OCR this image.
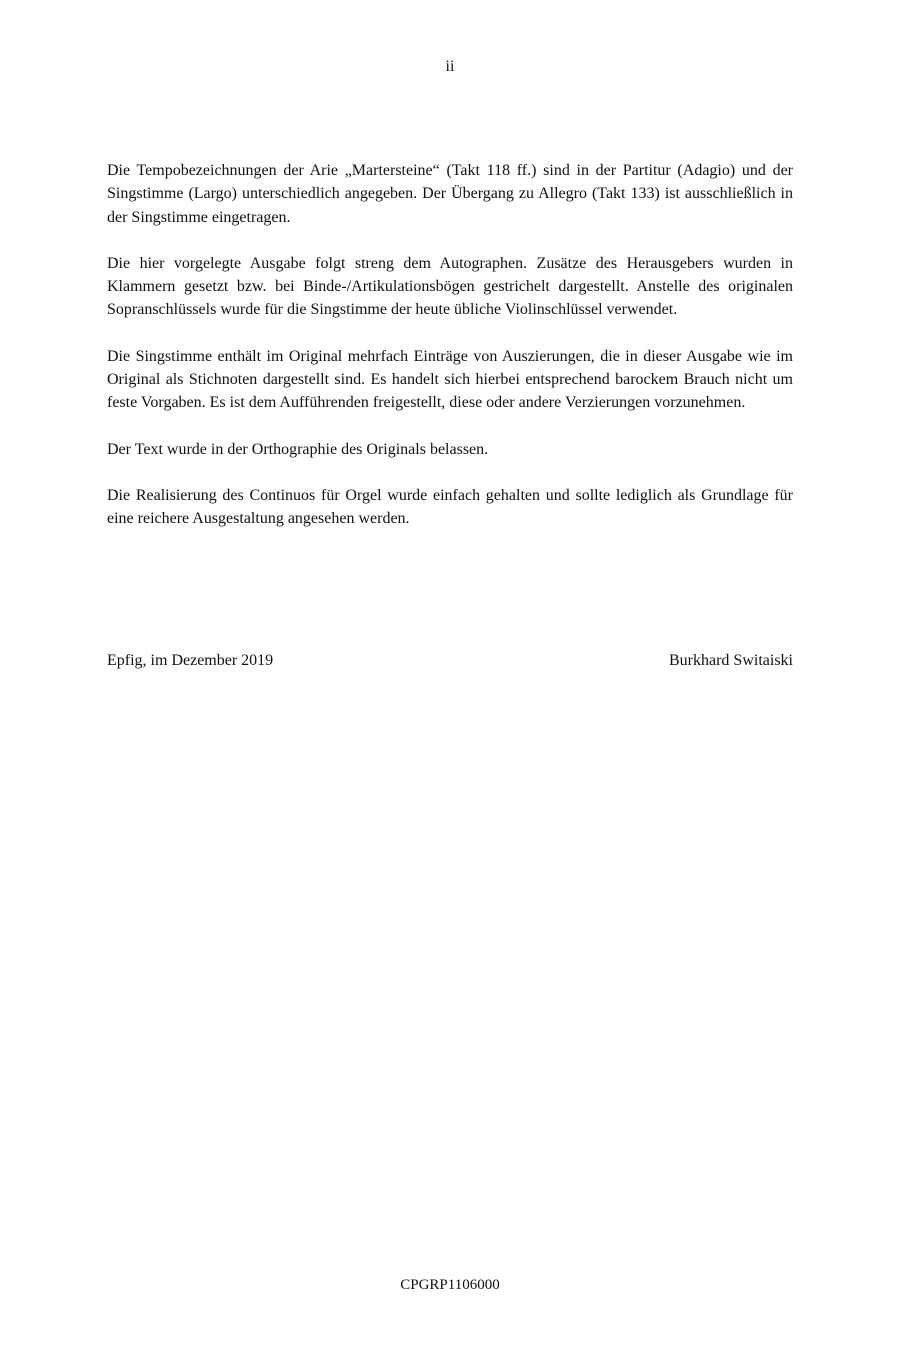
ii

Die Tempobezeichnungen der Arie „Martersteine“ (Takt 118 ff.) sind in der Partitur (Adagio) und der Singstimme (Largo) unterschiedlich angegeben. Der Übergang zu Allegro (Takt 133) ist ausschließlich in der Singstimme eingetragen.

Die hier vorgelegte Ausgabe folgt streng dem Autographen. Zusätze des Herausgebers wurden in Klammern gesetzt bzw. bei Binde-/Artikulationsbögen gestrichelt dargestellt. Anstelle des originalen Sopranschlüssels wurde für die Singstimme der heute übliche Violinschlüssel verwendet.

Die Singstimme enthält im Original mehrfach Einträge von Auszierungen, die in dieser Ausgabe wie im Original als Stichnoten dargestellt sind. Es handelt sich hierbei entsprechend barockem Brauch nicht um feste Vorgaben. Es ist dem Aufführenden freigestellt, diese oder andere Verzierungen vorzunehmen.

Der Text wurde in der Orthographie des Originals belassen.

Die Realisierung des Continuos für Orgel wurde einfach gehalten und sollte lediglich als Grundlage für eine reichere Ausgestaltung angesehen werden.

Epfig, im Dezember 2019	Burkhard Switaiski
CPGRP1106000
